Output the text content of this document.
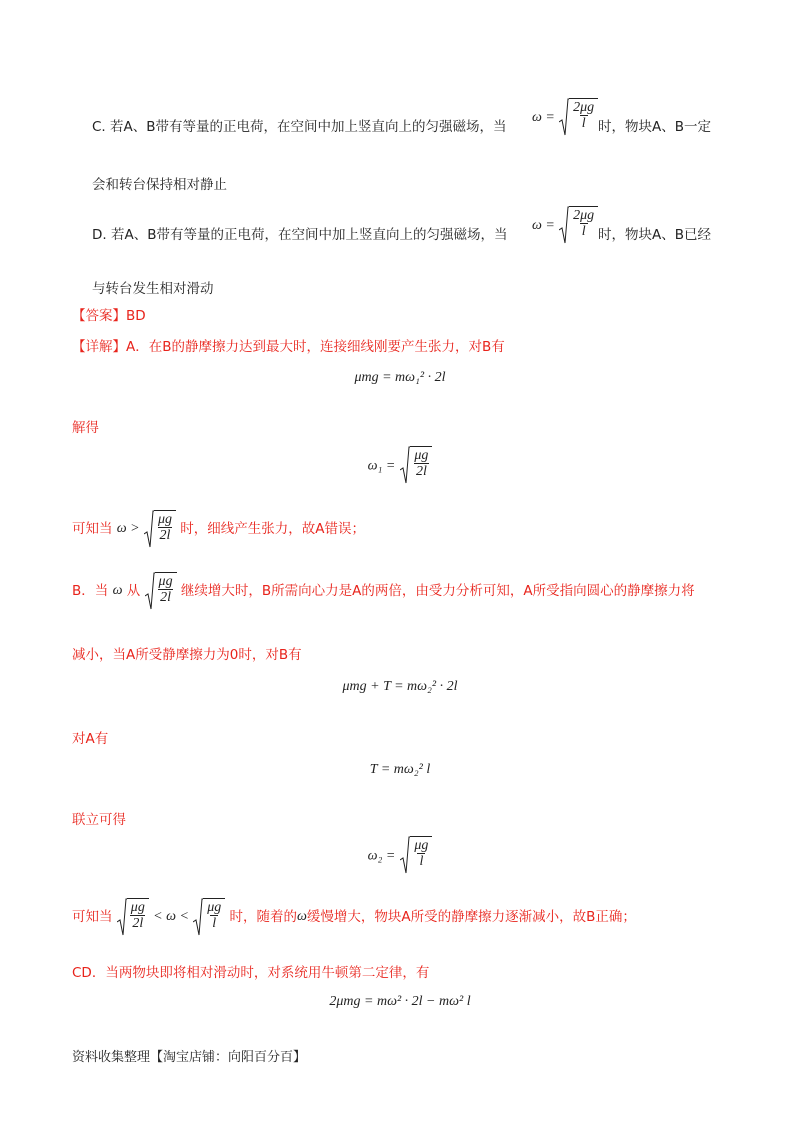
C. 若A、B带有等量的正电荷，在空间中加上竖直向上的匀强磁场，当
$\omega = \frac{2\mu g}{l}$ 时，物块A、B一定
会和转台保持相对静止
D. 若A、B带有等量的正电荷，在空间中加上竖直向上的匀强磁场，当
$\omega = \frac{2\mu g}{l}$ 时，物块A、B已经
与转台发生相对滑动
【答案】BD
【详解】A．在B的静摩擦力达到最大时，连接细线刚要产生张力，对B有
μmg = mω₁² · 2l
解得
$\omega_1 = \frac{\mu g}{2l}$
可知当 $\omega > \frac{\mu g}{2l}$ 时，细线产生张力，故A错误；
B．当 ω 从 $\frac{\mu g}{2l}$ 继续增大时，B所需向心力是A的两倍，由受力分析可知，A所受指向圆心的静摩擦力将
减小，当A所受静摩擦力为0时，对B有
μmg + T = mω₂² · 2l
对A有
T = mω₂² l
联立可得
$\omega_2 = \frac{\mu g}{l}$
可知当 $\frac{\mu g}{2l} < \omega < \frac{\mu g}{l}$ 时，随着的ω缓慢增大，物块A所受的静摩擦力逐渐减小，故B正确；
CD．当两物块即将相对滑动时，对系统用牛顿第二定律，有
2μmg = mω² · 2l − mω² l
资料收集整理【淘宝店铺：向阳百分百】
